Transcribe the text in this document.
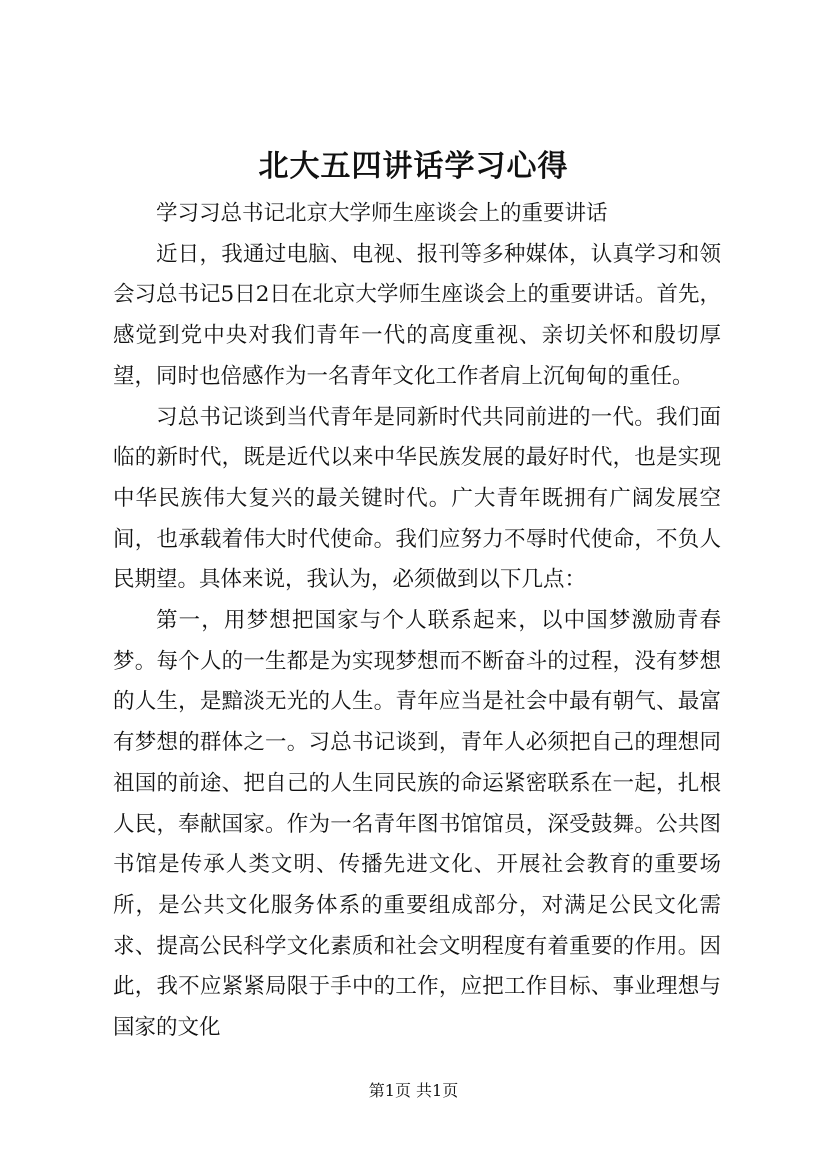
北大五四讲话学习心得

学习习总书记北京大学师生座谈会上的重要讲话

近日，我通过电脑、电视、报刊等多种媒体，认真学习和领会习总书记5日2日在北京大学师生座谈会上的重要讲话。首先，感觉到党中央对我们青年一代的高度重视、亲切关怀和殷切厚望，同时也倍感作为一名青年文化工作者肩上沉甸甸的重任。

习总书记谈到当代青年是同新时代共同前进的一代。我们面临的新时代，既是近代以来中华民族发展的最好时代，也是实现中华民族伟大复兴的最关键时代。广大青年既拥有广阔发展空间，也承载着伟大时代使命。我们应努力不辱时代使命，不负人民期望。具体来说，我认为，必须做到以下几点：

第一，用梦想把国家与个人联系起来，以中国梦激励青春梦。每个人的一生都是为实现梦想而不断奋斗的过程，没有梦想的人生，是黯淡无光的人生。青年应当是社会中最有朝气、最富有梦想的群体之一。习总书记谈到，青年人必须把自己的理想同祖国的前途、把自己的人生同民族的命运紧密联系在一起，扎根人民，奉献国家。作为一名青年图书馆馆员，深受鼓舞。公共图书馆是传承人类文明、传播先进文化、开展社会教育的重要场所，是公共文化服务体系的重要组成部分，对满足公民文化需求、提高公民科学文化素质和社会文明程度有着重要的作用。因此，我不应紧紧局限于手中的工作，应把工作目标、事业理想与国家的文化

第1页 共1页
